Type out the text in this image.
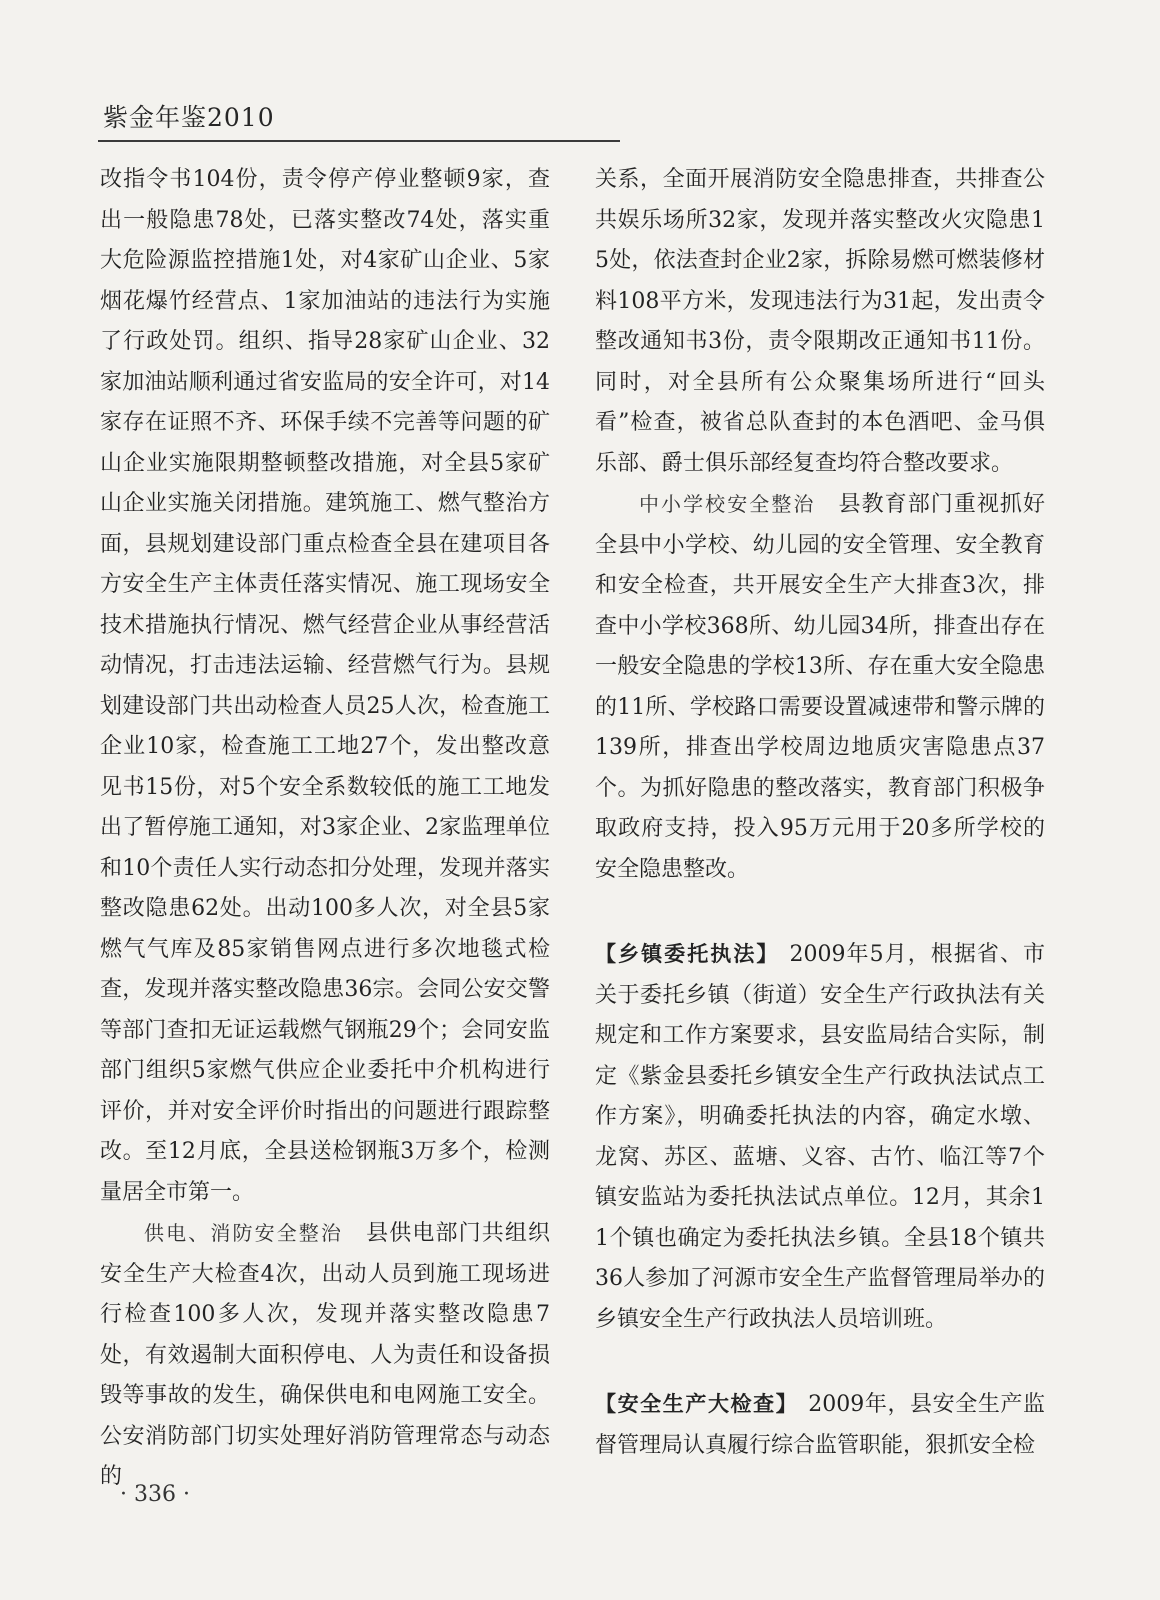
紫金年鉴2010

改指令书104份，责令停产停业整顿9家，查出一般隐患78处，已落实整改74处，落实重大危险源监控措施1处，对4家矿山企业、5家烟花爆竹经营点、1家加油站的违法行为实施了行政处罚。组织、指导28家矿山企业、32家加油站顺利通过省安监局的安全许可，对14家存在证照不齐、环保手续不完善等问题的矿山企业实施限期整顿整改措施，对全县5家矿山企业实施关闭措施。建筑施工、燃气整治方面，县规划建设部门重点检查全县在建项目各方安全生产主体责任落实情况、施工现场安全技术措施执行情况、燃气经营企业从事经营活动情况，打击违法运输、经营燃气行为。县规划建设部门共出动检查人员25人次，检查施工企业10家，检查施工工地27个，发出整改意见书15份，对5个安全系数较低的施工工地发出了暂停施工通知，对3家企业、2家监理单位和10个责任人实行动态扣分处理，发现并落实整改隐患62处。出动100多人次，对全县5家燃气气库及85家销售网点进行多次地毯式检查，发现并落实整改隐患36宗。会同公安交警等部门查扣无证运载燃气钢瓶29个；会同安监部门组织5家燃气供应企业委托中介机构进行评价，并对安全评价时指出的问题进行跟踪整改。至12月底，全县送检钢瓶3万多个，检测量居全市第一。

供电、消防安全整治　 县供电部门共组织安全生产大检查4次，出动人员到施工现场进行检查100多人次，发现并落实整改隐患7处，有效遏制大面积停电、人为责任和设备损毁等事故的发生，确保供电和电网施工安全。公安消防部门切实处理好消防管理常态与动态的

关系，全面开展消防安全隐患排查，共排查公共娱乐场所32家，发现并落实整改火灾隐患15处，依法查封企业2家，拆除易燃可燃装修材料108平方米，发现违法行为31起，发出责令整改通知书3份，责令限期改正通知书11份。同时，对全县所有公众聚集场所进行“回头看”检查，被省总队查封的本色酒吧、金马俱乐部、爵士俱乐部经复查均符合整改要求。

中小学校安全整治　 县教育部门重视抓好全县中小学校、幼儿园的安全管理、安全教育和安全检查，共开展安全生产大排查3次，排查中小学校368所、幼儿园34所，排查出存在一般安全隐患的学校13所、存在重大安全隐患的11所、学校路口需要设置减速带和警示牌的139所，排查出学校周边地质灾害隐患点37个。为抓好隐患的整改落实，教育部门积极争取政府支持，投入95万元用于20多所学校的安全隐患整改。

【乡镇委托执法】 2009年5月，根据省、市关于委托乡镇（街道）安全生产行政执法有关规定和工作方案要求，县安监局结合实际，制定《紫金县委托乡镇安全生产行政执法试点工作方案》，明确委托执法的内容，确定水墩、龙窝、苏区、蓝塘、义容、古竹、临江等7个镇安监站为委托执法试点单位。12月，其余11个镇也确定为委托执法乡镇。全县18个镇共36人参加了河源市安全生产监督管理局举办的乡镇安全生产行政执法人员培训班。

【安全生产大检查】 2009年，县安全生产监督管理局认真履行综合监管职能，狠抓安全检

· 336 ·
